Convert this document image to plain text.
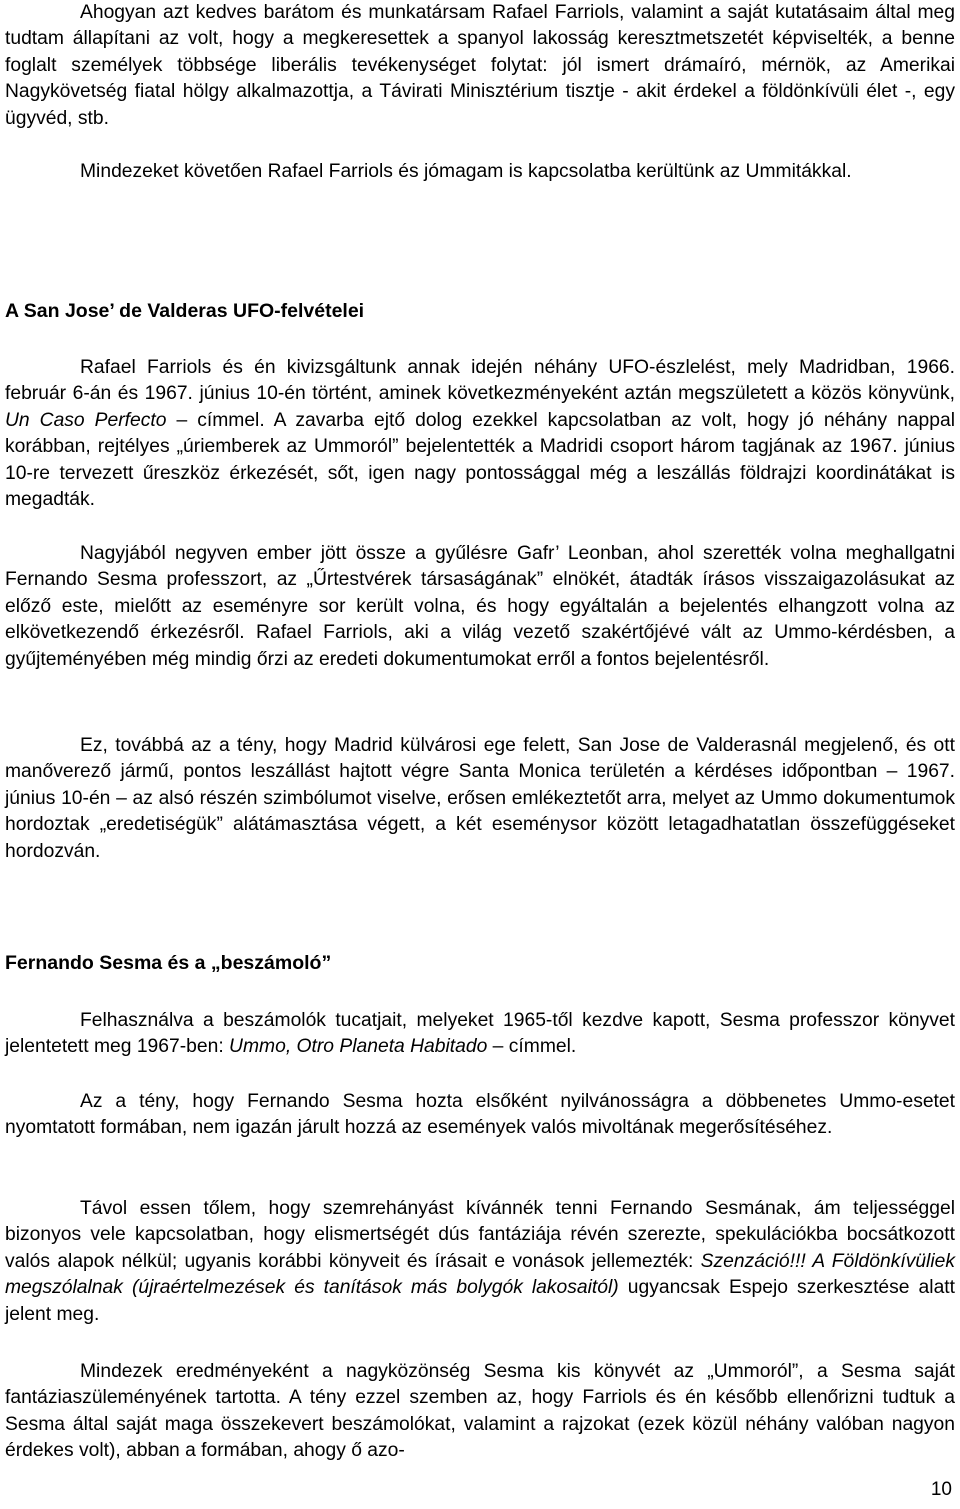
Ahogyan azt kedves barátom és munkatársam Rafael Farriols, valamint a saját kutatásaim által meg tudtam állapítani az volt, hogy a megkeresettek a spanyol lakosság keresztmetszetét képviselték, a benne foglalt személyek többsége liberális tevékenységet folytat: jól ismert drámaíró, mérnök, az Amerikai Nagykövetség fiatal hölgy alkalmazottja, a Távirati Minisztérium tisztje - akit érdekel a földönkívüli élet -, egy ügyvéd, stb.

Mindezeket követően Rafael Farriols és jómagam is kapcsolatba kerültünk az Ummitákkal.

A San Jose’ de Valderas UFO-felvételei

Rafael Farriols és én kivizsgáltunk annak idején néhány UFO-észlelést, mely Madridban, 1966. február 6-án és 1967. június 10-én történt, aminek következményeként aztán megszületett a közös könyvünk, Un Caso Perfecto – címmel. A zavarba ejtő dolog ezekkel kapcsolatban az volt, hogy jó néhány nappal korábban, rejtélyes „úriemberek az Ummoról” bejelentették a Madridi csoport három tagjának az 1967. június 10-re tervezett űreszköz érkezését, sőt, igen nagy pontossággal még a leszállás földrajzi koordinátákat is megadták.

Nagyjából negyven ember jött össze a gyűlésre Gafr’ Leonban, ahol szerették volna meghallgatni Fernando Sesma professzort, az „Űrtestvérek társaságának” elnökét, átadták írásos visszaigazolásukat az előző este, mielőtt az eseményre sor került volna, és hogy egyáltalán a bejelentés elhangzott volna az elkövetkezendő érkezésről. Rafael Farriols, aki a világ vezető szakértőjévé vált az Ummo-kérdésben, a gyűjteményében még mindig őrzi az eredeti dokumentumokat erről a fontos bejelentésről.

Ez, továbbá az a tény, hogy Madrid külvárosi ege felett, San Jose de Valderasnál megjelenő, és ott manőverező jármű, pontos leszállást hajtott végre Santa Monica területén a kérdéses időpontban – 1967. június 10-én – az alsó részén szimbólumot viselve, erősen emlékeztetőt arra, melyet az Ummo dokumentumok hordoztak „eredetiségük” alátámasztása végett, a két eseménysor között letagadhatatlan összefüggéseket hordozván.

Fernando Sesma és a „beszámoló”

Felhasználva a beszámolók tucatjait, melyeket 1965-től kezdve kapott, Sesma professzor könyvet jelentetett meg 1967-ben: Ummo, Otro Planeta Habitado – címmel.

Az a tény, hogy Fernando Sesma hozta elsőként nyilvánosságra a döbbenetes Ummo-esetet nyomtatott formában, nem igazán járult hozzá az események valós mivoltának megerősítéséhez.

Távol essen tőlem, hogy szemrehányást kívánnék tenni Fernando Sesmának, ám teljességgel bizonyos vele kapcsolatban, hogy elismertségét dús fantáziája révén szerezte, spekulációkba bocsátkozott valós alapok nélkül; ugyanis korábbi könyveit és írásait e vonások jellemezték: Szenzáció!!! A Földönkívüliek megszólalnak (újraértelmezések és tanítások más bolygók lakosaitól) ugyancsak Espejo szerkesztése alatt jelent meg.

Mindezek eredményeként a nagyközönség Sesma kis könyvét az „Ummoról”, a Sesma saját fantáziaszüleményének tartotta. A tény ezzel szemben az, hogy Farriols és én később ellenőrizni tudtuk a Sesma által saját maga összekevert beszámolókat, valamint a rajzokat (ezek közül néhány valóban nagyon érdekes volt), abban a formában, ahogy ő azo-

10
